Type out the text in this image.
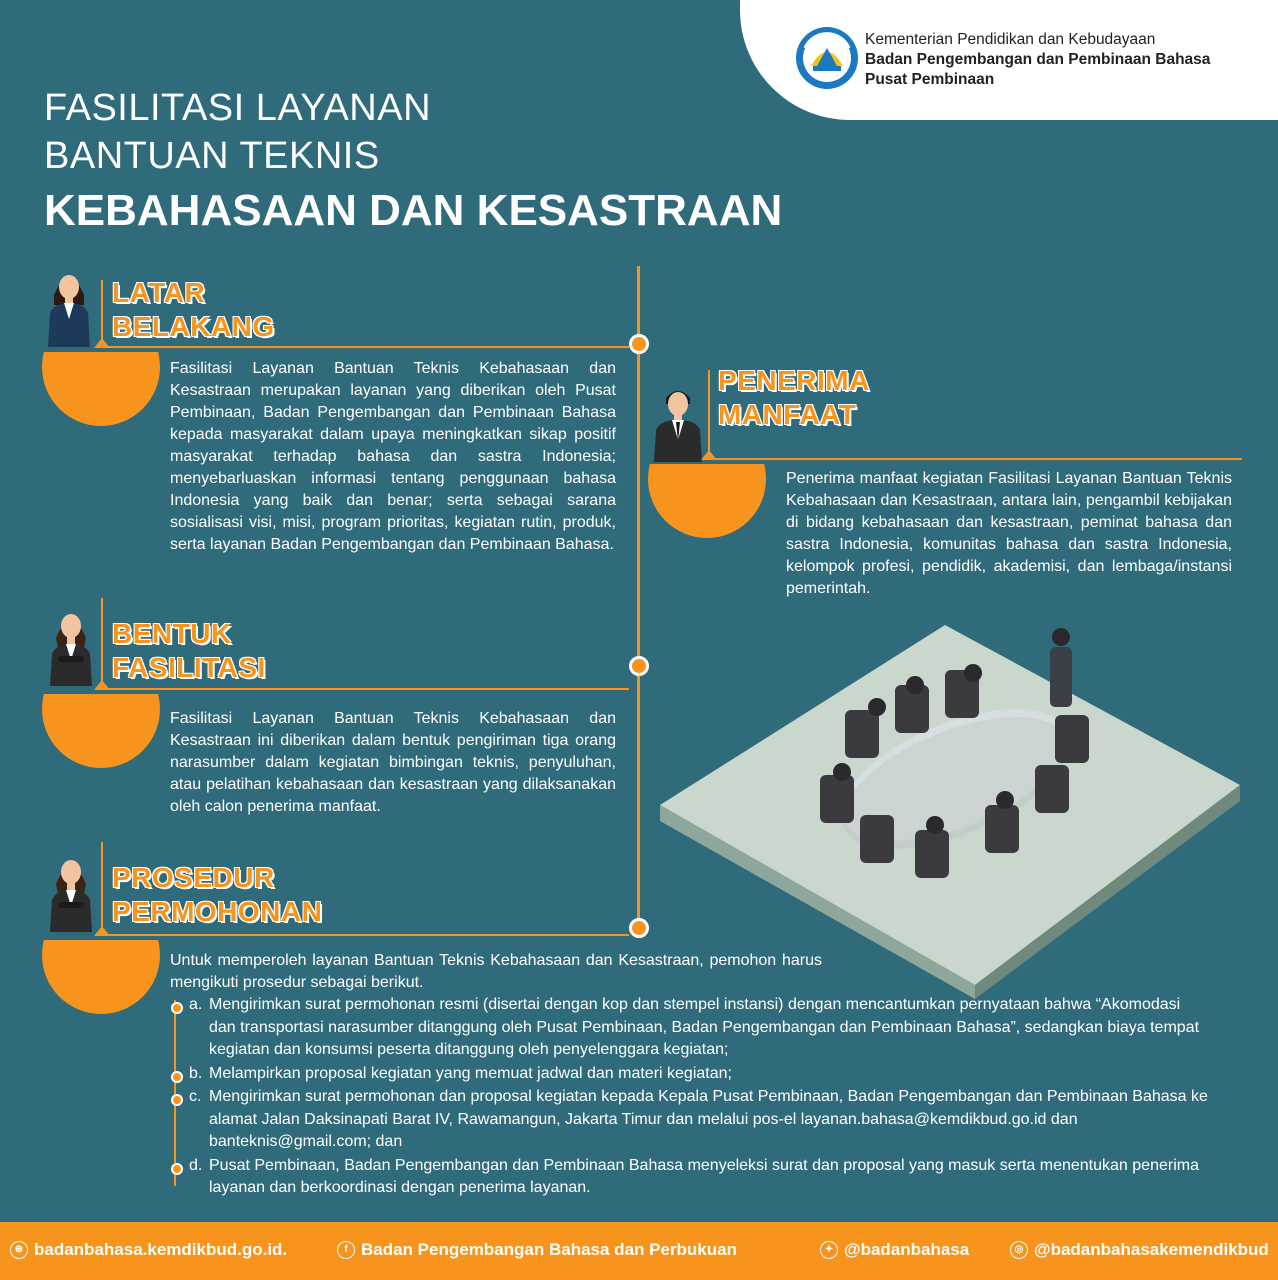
Kementerian Pendidikan dan Kebudayaan
Badan Pengembangan dan Pembinaan Bahasa
Pusat Pembinaan
FASILITASI LAYANAN
BANTUAN TEKNIS
KEBAHASAAN DAN KESASTRAAN
LATAR
BELAKANG
Fasilitasi Layanan Bantuan Teknis Kebahasaan dan Kesastraan merupakan layanan yang diberikan oleh Pusat Pembinaan, Badan Pengembangan dan Pembinaan Bahasa kepada masyarakat dalam upaya meningkatkan sikap positif masyarakat terhadap bahasa dan sastra Indonesia; menyebarluaskan informasi tentang penggunaan bahasa Indonesia yang baik dan benar; serta sebagai sarana sosialisasi visi, misi, program prioritas, kegiatan rutin, produk, serta layanan Badan Pengembangan dan Pembinaan Bahasa.
PENERIMA
MANFAAT
Penerima manfaat kegiatan Fasilitasi Layanan Bantuan Teknis Kebahasaan dan Kesastraan, antara lain, pengambil kebijakan di bidang kebahasaan dan kesastraan, peminat bahasa dan sastra Indonesia, komunitas bahasa dan sastra Indonesia, kelompok profesi, pendidik, akademisi, dan lembaga/instansi pemerintah.
BENTUK
FASILITASI
Fasilitasi Layanan Bantuan Teknis Kebahasaan dan Kesastraan ini diberikan dalam bentuk pengiriman tiga orang narasumber dalam kegiatan bimbingan teknis, penyuluhan, atau pelatihan kebahasaan dan kesastraan yang dilaksanakan oleh calon penerima manfaat.
PROSEDUR
PERMOHONAN
Untuk memperoleh layanan Bantuan Teknis Kebahasaan dan Kesastraan, pemohon harus mengikuti prosedur sebagai berikut.
a. Mengirimkan surat permohonan resmi (disertai dengan kop dan stempel instansi) dengan mencantumkan pernyataan bahwa “Akomodasi dan transportasi narasumber ditanggung oleh Pusat Pembinaan, Badan Pengembangan dan Pembinaan Bahasa”, sedangkan biaya tempat kegiatan dan konsumsi peserta ditanggung oleh penyelenggara kegiatan;
b. Melampirkan proposal kegiatan yang memuat jadwal dan materi kegiatan;
c. Mengirimkan surat permohonan dan proposal kegiatan kepada Kepala Pusat Pembinaan, Badan Pengembangan dan Pembinaan Bahasa ke alamat Jalan Daksinapati Barat IV, Rawamangun, Jakarta Timur dan melalui pos-el layanan.bahasa@kemdikbud.go.id dan banteknis@gmail.com; dan
d. Pusat Pembinaan, Badan Pengembangan dan Pembinaan Bahasa menyeleksi surat dan proposal yang masuk serta menentukan penerima layanan dan berkoordinasi dengan penerima layanan.
⊕ badanbahasa.kemdikbud.go.id.	f Badan Pengembangan Bahasa dan Perbukuan	✦ @badanbahasa	◎ @badanbahasakemendikbud
